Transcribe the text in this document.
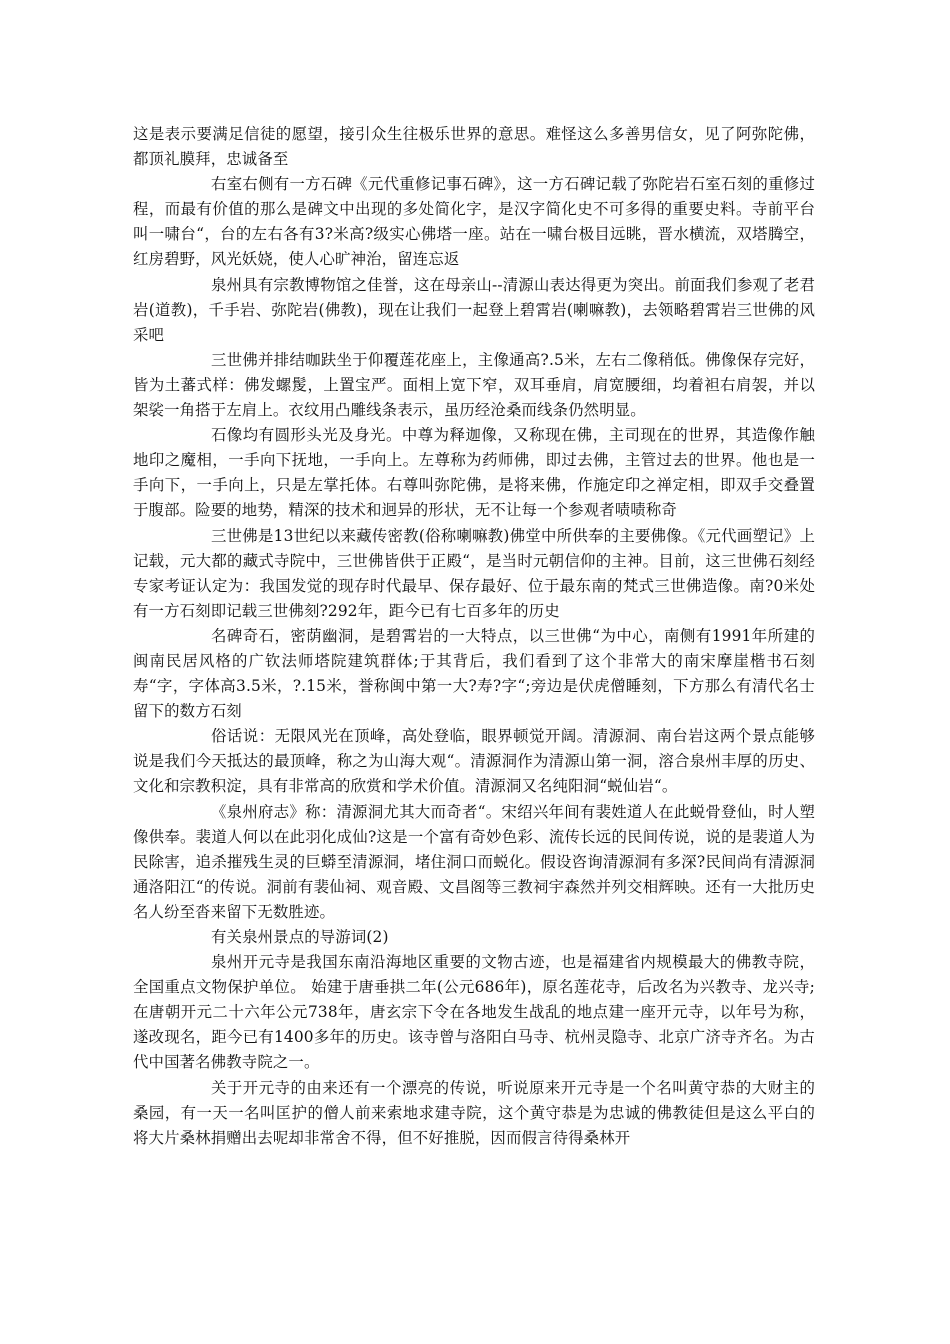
这是表示要满足信徒的愿望，接引众生往极乐世界的意思。难怪这么多善男信女，见了阿弥陀佛，都顶礼膜拜，忠诚备至

右室右侧有一方石碑《元代重修记事石碑》，这一方石碑记载了弥陀岩石室石刻的重修过程，而最有价值的那么是碑文中出现的多处简化字，是汉字简化史不可多得的重要史料。寺前平台叫一啸台“，台的左右各有3?米高?级实心佛塔一座。站在一啸台极目远眺，晋水横流，双塔腾空，红房碧野，风光妖娆，使人心旷神治，留连忘返

泉州具有宗教博物馆之佳誉，这在母亲山--清源山表达得更为突出。前面我们参观了老君岩(道教)，千手岩、弥陀岩(佛教)，现在让我们一起登上碧霄岩(喇嘛教)，去领略碧霄岩三世佛的风采吧

三世佛并排结咖趺坐于仰覆莲花座上，主像通高?.5米，左右二像稍低。佛像保存完好，皆为土蕃式样：佛发螺髲，上置宝严。面相上宽下窄，双耳垂肩，肩宽腰细，均着袒右肩袈，并以架裟一角搭于左肩上。衣纹用凸雕线条表示，虽历经沧桑而线条仍然明显。

石像均有圆形头光及身光。中尊为释迦像，又称现在佛，主司现在的世界，其造像作触地印之魔相，一手向下抚地，一手向上。左尊称为药师佛，即过去佛，主管过去的世界。他也是一手向下，一手向上，只是左掌托体。右尊叫弥陀佛，是将来佛，作施定印之禅定相，即双手交叠置于腹部。险要的地势，精深的技术和迥异的形状，无不让每一个参观者啧啧称奇

三世佛是13世纪以来藏传密教(俗称喇嘛教)佛堂中所供奉的主要佛像。《元代画塑记》上记载，元大都的藏式寺院中，三世佛皆供于正殿“，是当时元朝信仰的主神。目前，这三世佛石刻经专家考证认定为：我国发觉的现存时代最早、保存最好、位于最东南的梵式三世佛造像。南?0米处有一方石刻即记载三世佛刻?292年，距今已有七百多年的历史

名碑奇石，密荫幽洞，是碧霄岩的一大特点，以三世佛“为中心，南侧有1991年所建的闽南民居风格的广钦法师塔院建筑群体;于其背后，我们看到了这个非常大的南宋摩崖楷书石刻寿“字，字体高3.5米，?.15米，誉称闽中第一大?寿?字“;旁边是伏虎僧睡刻，下方那么有清代名士留下的数方石刻

俗话说：无限风光在顶峰，高处登临，眼界顿觉开阔。清源洞、南台岩这两个景点能够说是我们今天抵达的最顶峰，称之为山海大观“。清源洞作为清源山第一洞，溶合泉州丰厚的历史、文化和宗教积淀，具有非常高的欣赏和学术价值。清源洞又名纯阳洞“蜕仙岩“。

《泉州府志》称：清源洞尤其大而奇者“。宋绍兴年间有裴姓道人在此蜕骨登仙，时人塑像供奉。裴道人何以在此羽化成仙?这是一个富有奇妙色彩、流传长远的民间传说，说的是裴道人为民除害，追杀摧残生灵的巨蟒至清源洞，堵住洞口而蜕化。假设咨询清源洞有多深?民间尚有清源洞通洛阳江“的传说。洞前有裴仙祠、观音殿、文昌阁等三教祠宇森然并列交相辉映。还有一大批历史名人纷至沓来留下无数胜迹。

有关泉州景点的导游词(2)

泉州开元寺是我国东南沿海地区重要的文物古迹，也是福建省内规模最大的佛教寺院，全国重点文物保护单位。 始建于唐垂拱二年(公元686年)，原名莲花寺，后改名为兴教寺、龙兴寺;在唐朝开元二十六年公元738年，唐玄宗下令在各地发生战乱的地点建一座开元寺，以年号为称，遂改现名，距今已有1400多年的历史。该寺曾与洛阳白马寺、杭州灵隐寺、北京广济寺齐名。为古代中国著名佛教寺院之一。

关于开元寺的由来还有一个漂亮的传说，听说原来开元寺是一个名叫黄守恭的大财主的桑园，有一天一名叫匡护的僧人前来索地求建寺院，这个黄守恭是为忠诚的佛教徒但是这么平白的将大片桑林捐赠出去呢却非常舍不得，但不好推脱，因而假言待得桑林开
